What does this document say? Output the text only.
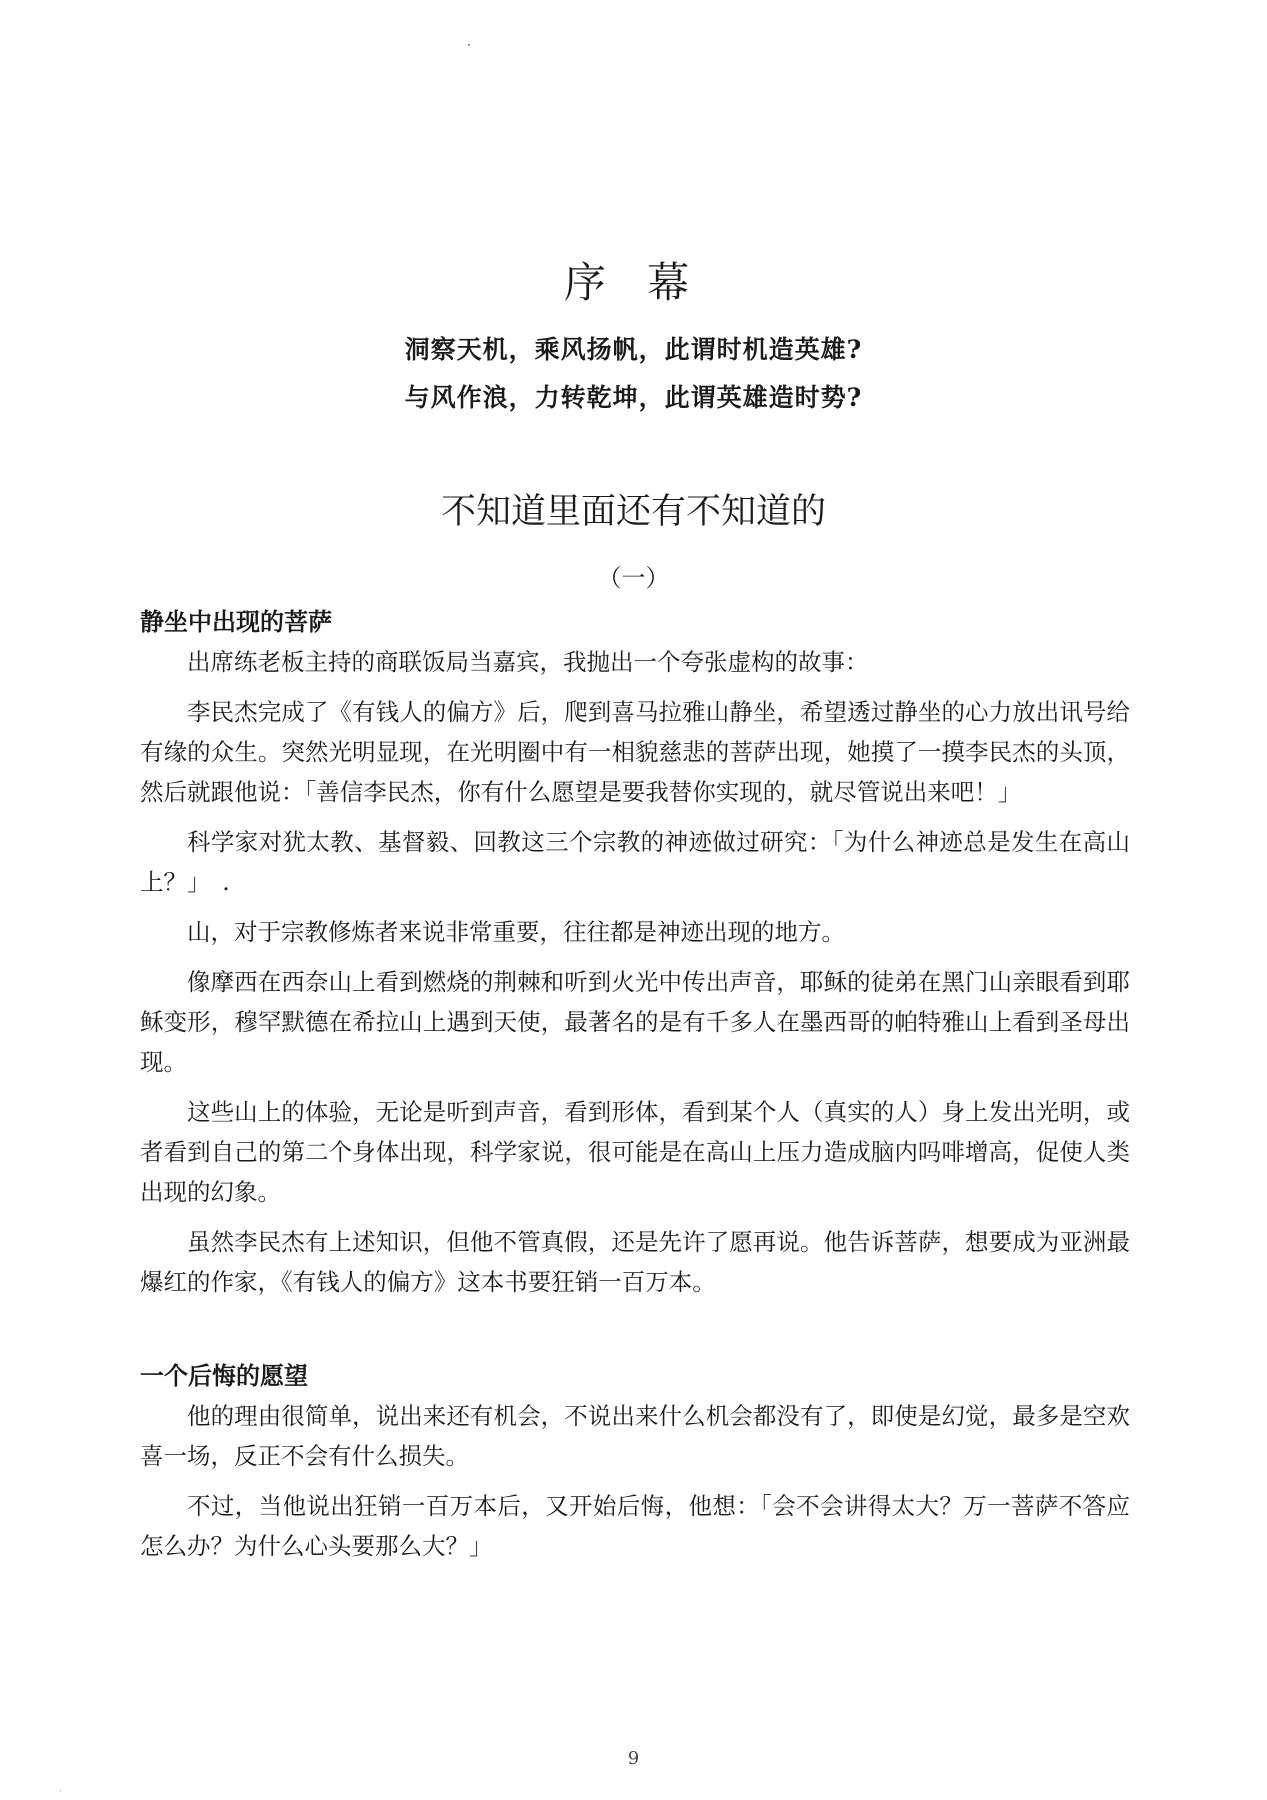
序 幕

洞察天机，乘风扬帆，此谓时机造英雄?

与风作浪，力转乾坤，此谓英雄造时势?

不知道里面还有不知道的

（一）

静坐中出现的菩萨

出席练老板主持的商联饭局当嘉宾，我抛出一个夸张虚构的故事：

李民杰完成了《有钱人的偏方》后，爬到喜马拉雅山静坐，希望透过静坐的心力放出讯号给有缘的众生。突然光明显现，在光明圈中有一相貌慈悲的菩萨出现，她摸了一摸李民杰的头顶，然后就跟他说：「善信李民杰，你有什么愿望是要我替你实现的，就尽管说出来吧！」

科学家对犹太教、基督毅、回教这三个宗教的神迹做过研究：「为什么神迹总是发生在高山上？」　.

山，对于宗教修炼者来说非常重要，往往都是神迹出现的地方。

像摩西在西奈山上看到燃烧的荆棘和听到火光中传出声音，耶稣的徒弟在黑门山亲眼看到耶稣变形，穆罕默德在希拉山上遇到天使，最著名的是有千多人在墨西哥的帕特雅山上看到圣母出现。

这些山上的体验，无论是听到声音，看到形体，看到某个人（真实的人）身上发出光明，或者看到自己的第二个身体出现，科学家说，很可能是在高山上压力造成脑内吗啡增高，促使人类出现的幻象。

虽然李民杰有上述知识，但他不管真假，还是先许了愿再说。他告诉菩萨，想要成为亚洲最爆红的作家，《有钱人的偏方》这本书要狂销一百万本。

一个后悔的愿望

他的理由很简单，说出来还有机会，不说出来什么机会都没有了，即使是幻觉，最多是空欢喜一场，反正不会有什么损失。

不过，当他说出狂销一百万本后，又开始后悔，他想：「会不会讲得太大？万一菩萨不答应怎么办？为什么心头要那么大？」

9
